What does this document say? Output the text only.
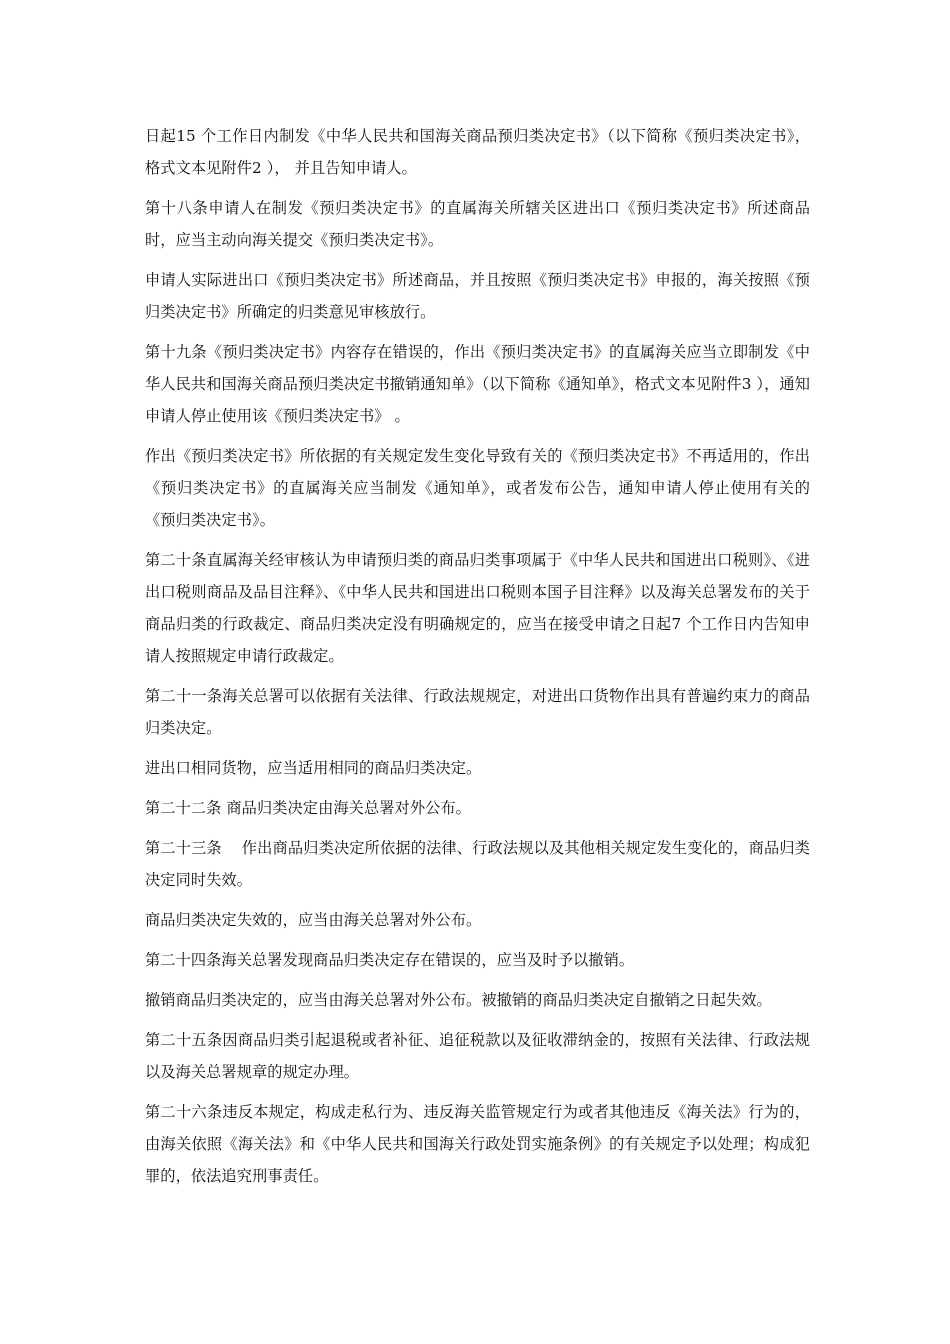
日起15 个工作日内制发《中华人民共和国海关商品预归类决定书》（以下简称《预归类决定书》，格式文本见附件2 ）， 并且告知申请人。

第十八条申请人在制发《预归类决定书》的直属海关所辖关区进出口《预归类决定书》所述商品时，应当主动向海关提交《预归类决定书》。

申请人实际进出口《预归类决定书》所述商品，并且按照《预归类决定书》申报的，海关按照《预归类决定书》所确定的归类意见审核放行。

第十九条《预归类决定书》内容存在错误的，作出《预归类决定书》的直属海关应当立即制发《中华人民共和国海关商品预归类决定书撤销通知单》（以下简称《通知单》，格式文本见附件3 ），通知申请人停止使用该《预归类决定书》 。

作出《预归类决定书》所依据的有关规定发生变化导致有关的《预归类决定书》不再适用的，作出《预归类决定书》的直属海关应当制发《通知单》，或者发布公告，通知申请人停止使用有关的《预归类决定书》。

第二十条直属海关经审核认为申请预归类的商品归类事项属于《中华人民共和国进出口税则》、《进出口税则商品及品目注释》、《中华人民共和国进出口税则本国子目注释》以及海关总署发布的关于商品归类的行政裁定、商品归类决定没有明确规定的，应当在接受申请之日起7 个工作日内告知申请人按照规定申请行政裁定。

第二十一条海关总署可以依据有关法律、行政法规规定，对进出口货物作出具有普遍约束力的商品归类决定。

进出口相同货物，应当适用相同的商品归类决定。

第二十二条 商品归类决定由海关总署对外公布。

第二十三条    作出商品归类决定所依据的法律、行政法规以及其他相关规定发生变化的，商品归类决定同时失效。

商品归类决定失效的，应当由海关总署对外公布。

第二十四条海关总署发现商品归类决定存在错误的，应当及时予以撤销。

撤销商品归类决定的，应当由海关总署对外公布。被撤销的商品归类决定自撤销之日起失效。

第二十五条因商品归类引起退税或者补征、追征税款以及征收滞纳金的，按照有关法律、行政法规以及海关总署规章的规定办理。

第二十六条违反本规定，构成走私行为、违反海关监管规定行为或者其他违反《海关法》行为的，由海关依照《海关法》和《中华人民共和国海关行政处罚实施条例》的有关规定予以处理；构成犯罪的，依法追究刑事责任。
